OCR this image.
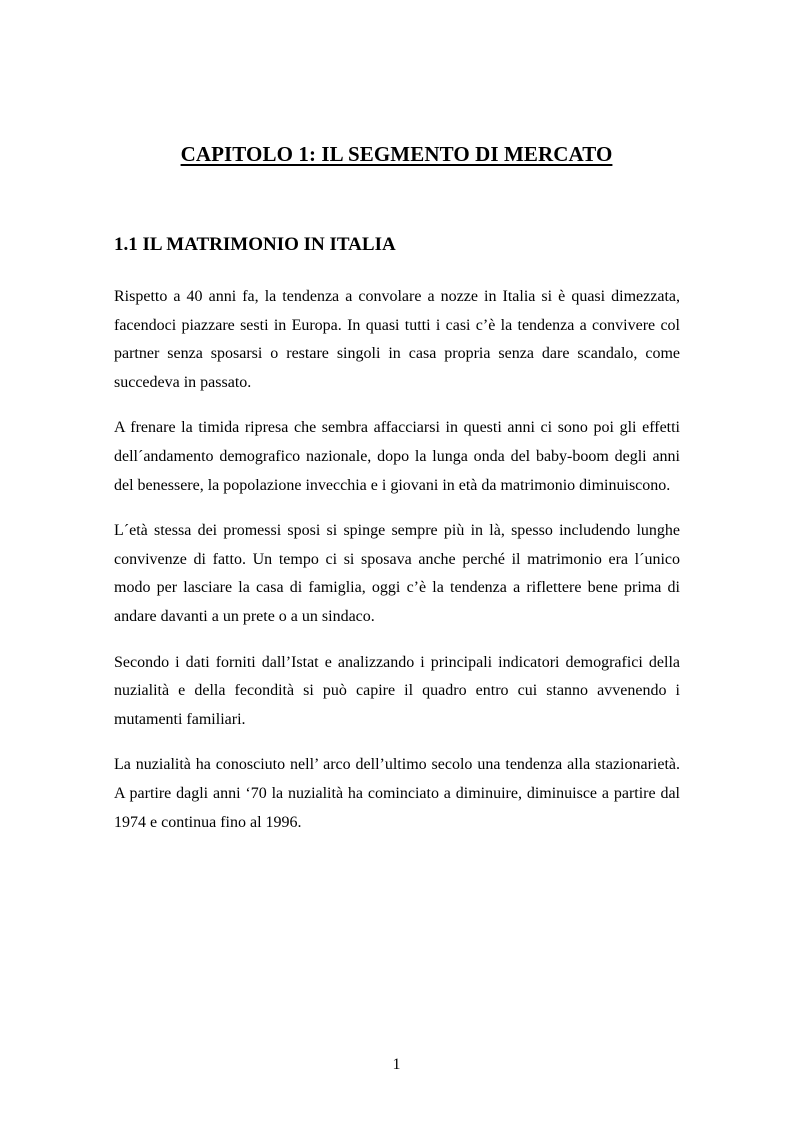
CAPITOLO 1: IL SEGMENTO DI MERCATO
1.1 IL MATRIMONIO IN ITALIA

Rispetto a 40 anni fa, la tendenza a convolare a nozze in Italia si è quasi dimezzata, facendoci piazzare sesti in Europa. In quasi tutti i casi c’è la tendenza a convivere col partner senza sposarsi o restare singoli in casa propria senza dare scandalo, come succedeva in passato.

A frenare la timida ripresa che sembra affacciarsi in questi anni ci sono poi gli effetti dell´andamento demografico nazionale, dopo la lunga onda del baby-boom degli anni del benessere, la popolazione invecchia e i giovani in età da matrimonio diminuiscono.

L´età stessa dei promessi sposi si spinge sempre più in là, spesso includendo lunghe convivenze di fatto. Un tempo ci si sposava anche perché il matrimonio era l´unico modo per lasciare la casa di famiglia, oggi c’è la tendenza a riflettere bene prima di andare davanti a un prete o a un sindaco.

Secondo i dati forniti dall’Istat e analizzando i principali indicatori demografici della nuzialità e della fecondità si può capire il quadro entro cui stanno avvenendo i mutamenti familiari.

La nuzialità ha conosciuto nell’ arco dell’ultimo secolo una tendenza alla stazionarietà. A partire dagli anni ‘70 la nuzialità ha cominciato a diminuire, diminuisce a partire dal 1974 e continua fino al 1996.

1
